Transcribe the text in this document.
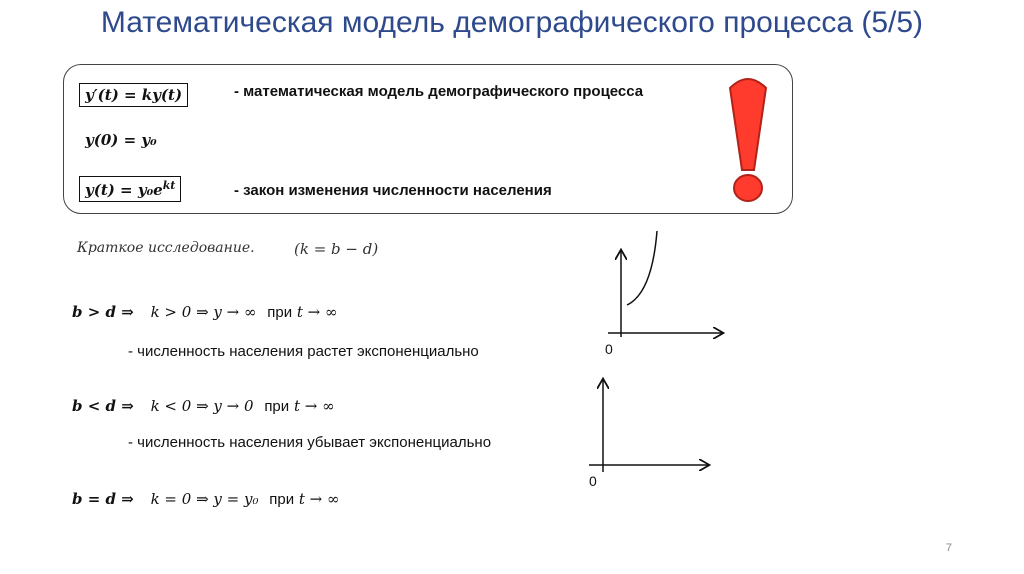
Математическая модель демографического процесса (5/5)
y′(t) = ky(t)	- математическая модель демографического процесса
y(0) = y₀
$y(t) = y_0e^{kt}$	- закон изменения численности населения
Краткое исследование.	(k = b − d)
b > d ⇒ k > 0 ⇒ y → ∞ при t → ∞
- численность населения растет экспоненциально
b < d ⇒ k < 0 ⇒ y → 0 при t → ∞
- численность населения убывает экспоненциально
b = d ⇒ k = 0 ⇒ y = y₀ при t → ∞
0
0
7
